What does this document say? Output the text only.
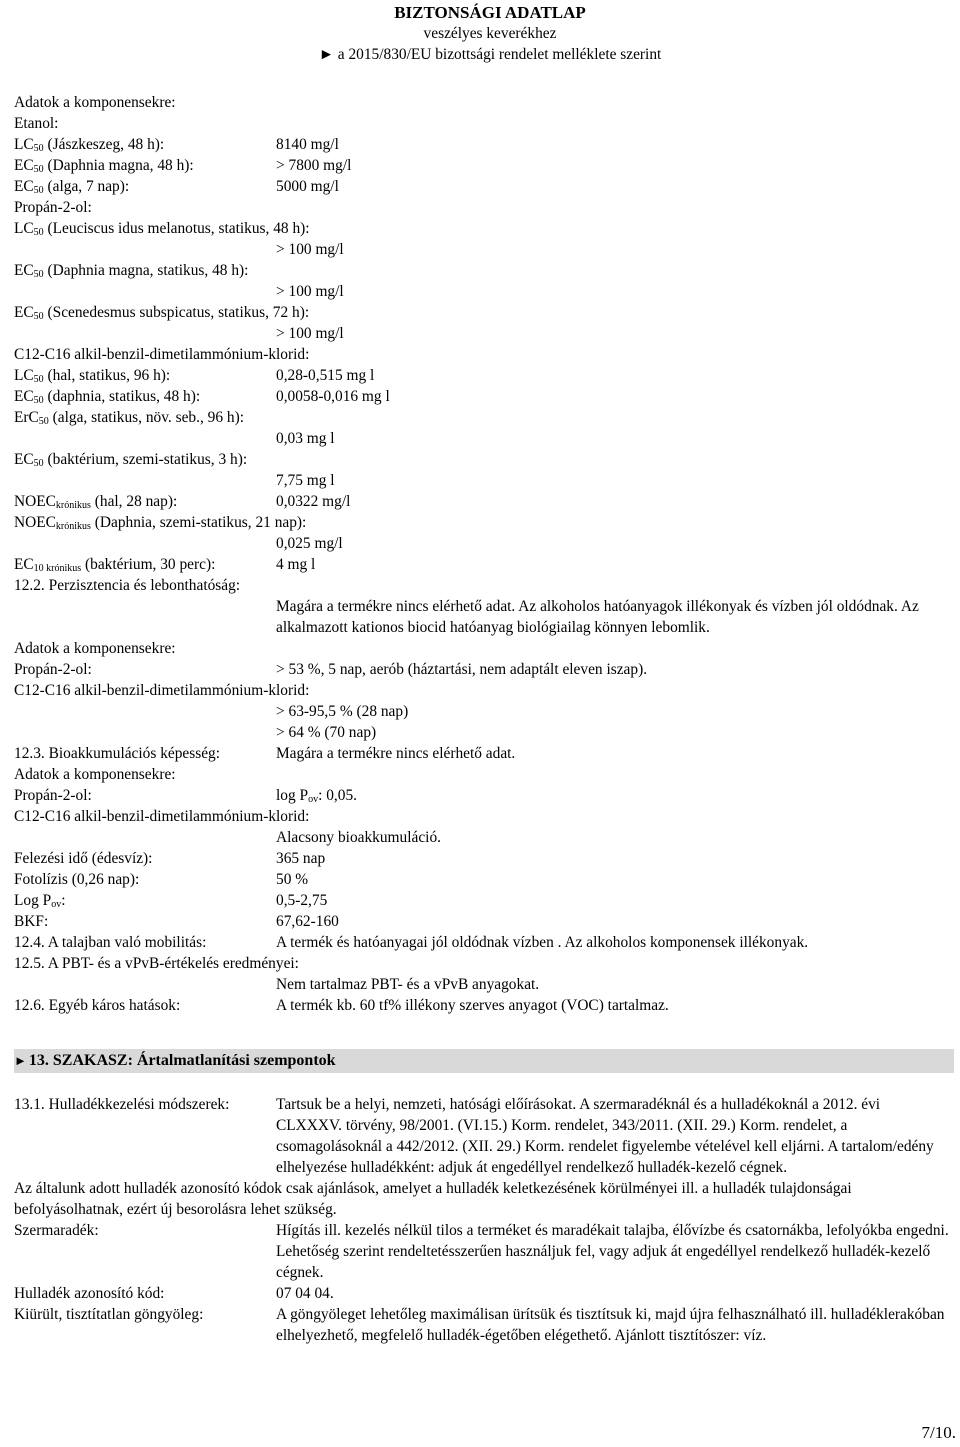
BIZTONSÁGI ADATLAP
veszélyes keverékhez
► a 2015/830/EU bizottsági rendelet melléklete szerint
Adatok a komponensekre:
Etanol:
$LC_{50}$ (Jászkeszeg, 48 h):	8140 mg/l
$EC_{50}$ (Daphnia magna, 48 h):	> 7800 mg/l
$EC_{50}$ (alga, 7 nap):	5000 mg/l
Propán-2-ol:
$LC_{50}$ (Leuciscus idus melanotus, statikus, 48 h):
> 100 mg/l
$EC_{50}$ (Daphnia magna, statikus, 48 h):
> 100 mg/l
$EC_{50}$ (Scenedesmus subspicatus, statikus, 72 h):
> 100 mg/l
C12-C16 alkil-benzil-dimetilammónium-klorid:
$LC_{50}$ (hal, statikus, 96 h):	0,28-0,515 mg l
$EC_{50}$ (daphnia, statikus, 48 h):	0,0058-0,016 mg l
ErC$_{50}$ (alga, statikus, növ. seb., 96 h):
0,03 mg l
$EC_{50}$ (baktérium, szemi-statikus, 3 h):
7,75 mg l
$NOEC_{krónikus}$ (hal, 28 nap):	0,0322 mg/l
$NOEC_{krónikus}$ (Daphnia, szemi-statikus, 21 nap):
0,025 mg/l
$EC_{10 krónikus}$ (baktérium, 30 perc):	4 mg l
12.2. Perzisztencia és lebonthatóság:
Magára a termékre nincs elérhető adat. Az alkoholos hatóanyagok illékonyak és vízben jól oldódnak. Az alkalmazott kationos biocid hatóanyag biológiailag könnyen lebomlik.
Adatok a komponensekre:
Propán-2-ol:	> 53 %, 5 nap, aerób (háztartási, nem adaptált eleven iszap).
C12-C16 alkil-benzil-dimetilammónium-klorid:
> 63-95,5 % (28 nap)
> 64 % (70 nap)
12.3. Bioakkumulációs képesség:	Magára a termékre nincs elérhető adat.
Adatok a komponensekre:
Propán-2-ol:	$\log P_{ov}$: 0,05.
C12-C16 alkil-benzil-dimetilammónium-klorid:
Alacsony bioakkumuláció.
Felezési idő (édesvíz):	365 nap
Fotolízis (0,26 nap):	50 %
Log $P_{ov}$:	0,5-2,75
BKF:	67,62-160
12.4. A talajban való mobilitás:	A termék és hatóanyagai jól oldódnak vízben . Az alkoholos komponensek illékonyak.
12.5. A PBT- és a vPvB-értékelés eredményei:
Nem tartalmaz PBT- és a vPvB anyagokat.
12.6. Egyéb káros hatások:	A termék kb. 60 tf% illékony szerves anyagot (VOC) tartalmaz.
► 13. SZAKASZ: Ártalmatlanítási szempontok
13.1. Hulladékkezelési módszerek:	Tartsuk be a helyi, nemzeti, hatósági előírásokat. A szermaradéknál és a hulladékoknál a 2012. évi CLXXXV. törvény, 98/2001. (VI.15.) Korm. rendelet, 343/2011. (XII. 29.) Korm. rendelet, a csomagolásoknál a 442/2012. (XII. 29.) Korm. rendelet figyelembe vételével kell eljárni. A tartalom/edény elhelyezése hulladékként: adjuk át engedéllyel rendelkező hulladék-kezelő cégnek.
Az általunk adott hulladék azonosító kódok csak ajánlások, amelyet a hulladék keletkezésének körülményei ill. a hulladék tulajdonságai befolyásolhatnak, ezért új besorolásra lehet szükség.
Szermaradék:	Hígítás ill. kezelés nélkül tilos a terméket és maradékait talajba, élővízbe és csatornákba, lefolyókba engedni. Lehetőség szerint rendeltetésszerűen használjuk fel, vagy adjuk át engedéllyel rendelkező hulladék-kezelő cégnek.
Hulladék azonosító kód:	07 04 04.
Kiürült, tisztítatlan göngyöleg:	A göngyöleget lehetőleg maximálisan ürítsük és tisztítsuk ki, majd újra felhasználható ill. hulladéklerakóban elhelyezhető, megfelelő hulladék-égetőben elégethető. Ajánlott tisztítószer: víz.
7/10.
